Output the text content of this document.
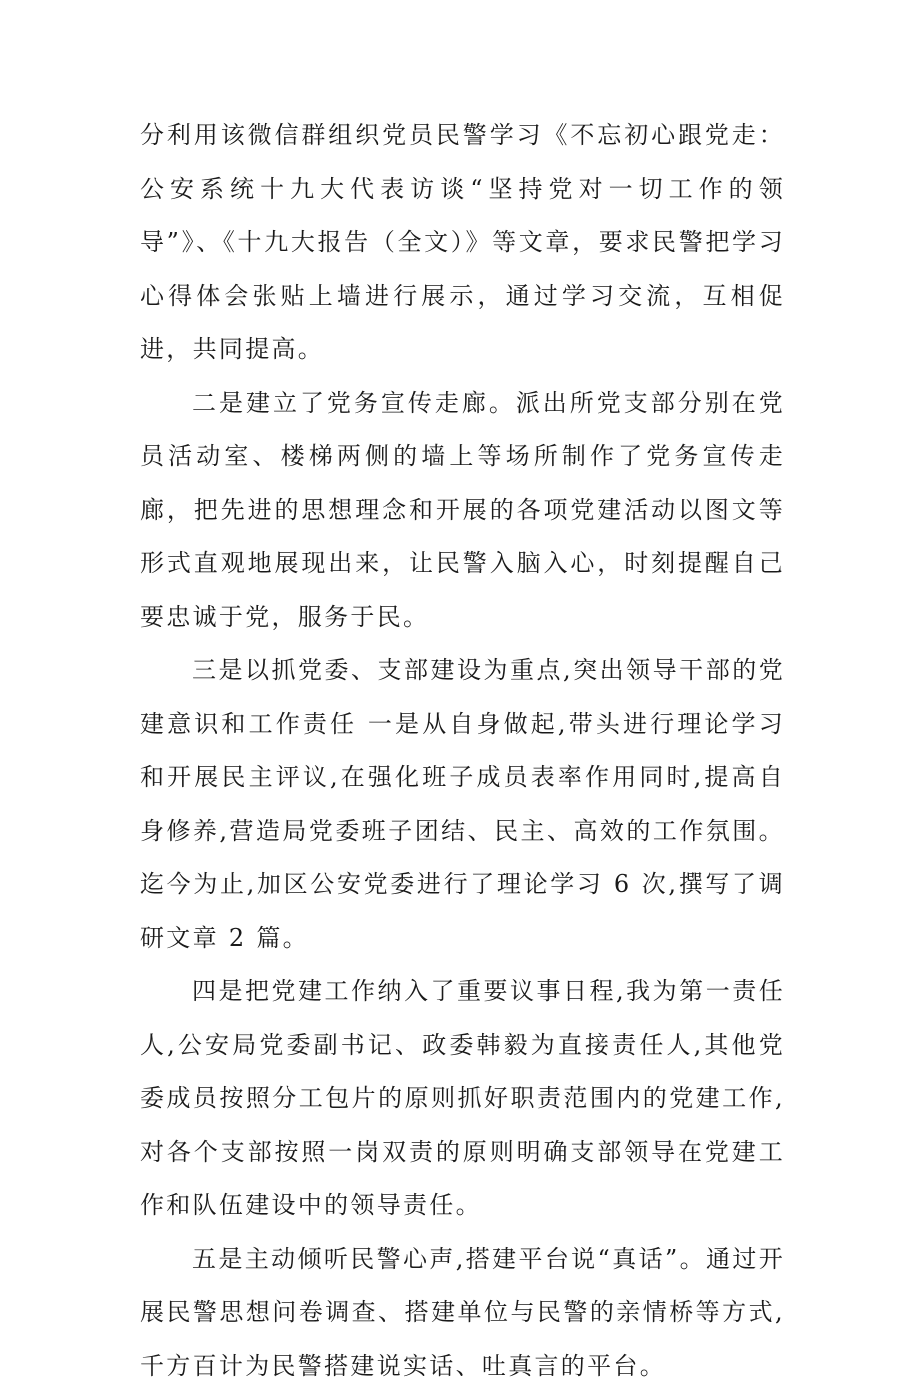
分利用该微信群组织党员民警学习《不忘初心跟党走：公安系统十九大代表访谈“坚持党对一切工作的领导”》、《十九大报告（全文）》等文章，要求民警把学习心得体会张贴上墙进行展示，通过学习交流，互相促进，共同提高。

二是建立了党务宣传走廊。派出所党支部分别在党员活动室、楼梯两侧的墙上等场所制作了党务宣传走廊，把先进的思想理念和开展的各项党建活动以图文等形式直观地展现出来，让民警入脑入心，时刻提醒自己要忠诚于党，服务于民。

三是以抓党委、支部建设为重点,突出领导干部的党建意识和工作责任 一是从自身做起,带头进行理论学习和开展民主评议,在强化班子成员表率作用同时,提高自身修养,营造局党委班子团结、民主、高效的工作氛围。迄今为止,加区公安党委进行了理论学习 6 次,撰写了调研文章 2 篇。

四是把党建工作纳入了重要议事日程,我为第一责任人,公安局党委副书记、政委韩毅为直接责任人,其他党委成员按照分工包片的原则抓好职责范围内的党建工作,对各个支部按照一岗双责的原则明确支部领导在党建工作和队伍建设中的领导责任。

五是主动倾听民警心声,搭建平台说“真话”。通过开展民警思想问卷调查、搭建单位与民警的亲情桥等方式,千方百计为民警搭建说实话、吐真言的平台。
